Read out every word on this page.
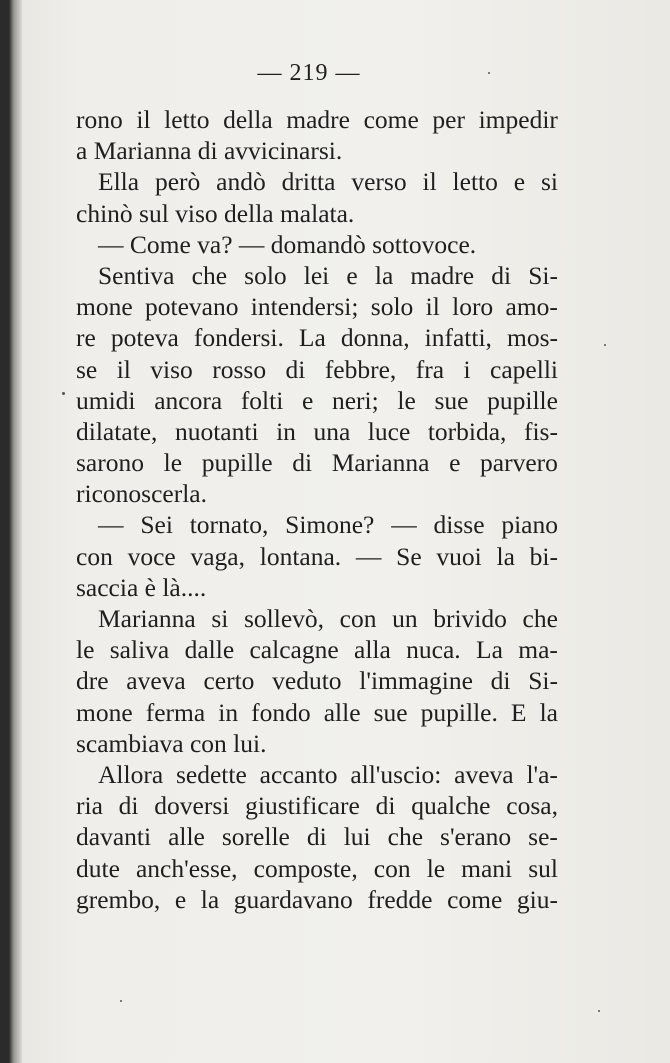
— 219 —
rono il letto della madre come per impedir
a Marianna di avvicinarsi.
Ella però andò dritta verso il letto e si
chinò sul viso della malata.
— Come va? — domandò sottovoce.
Sentiva che solo lei e la madre di Si-
mone potevano intendersi; solo il loro amo-
re poteva fondersi. La donna, infatti, mos-
se il viso rosso di febbre, fra i capelli
umidi ancora folti e neri; le sue pupille
dilatate, nuotanti in una luce torbida, fis-
sarono le pupille di Marianna e parvero
riconoscerla.
— Sei tornato, Simone? — disse piano
con voce vaga, lontana. — Se vuoi la bi-
saccia è là....
Marianna si sollevò, con un brivido che
le saliva dalle calcagne alla nuca. La ma-
dre aveva certo veduto l'immagine di Si-
mone ferma in fondo alle sue pupille. E la
scambiava con lui.
Allora sedette accanto all'uscio: aveva l'a-
ria di doversi giustificare di qualche cosa,
davanti alle sorelle di lui che s'erano se-
dute anch'esse, composte, con le mani sul
grembo, e la guardavano fredde come giu-
